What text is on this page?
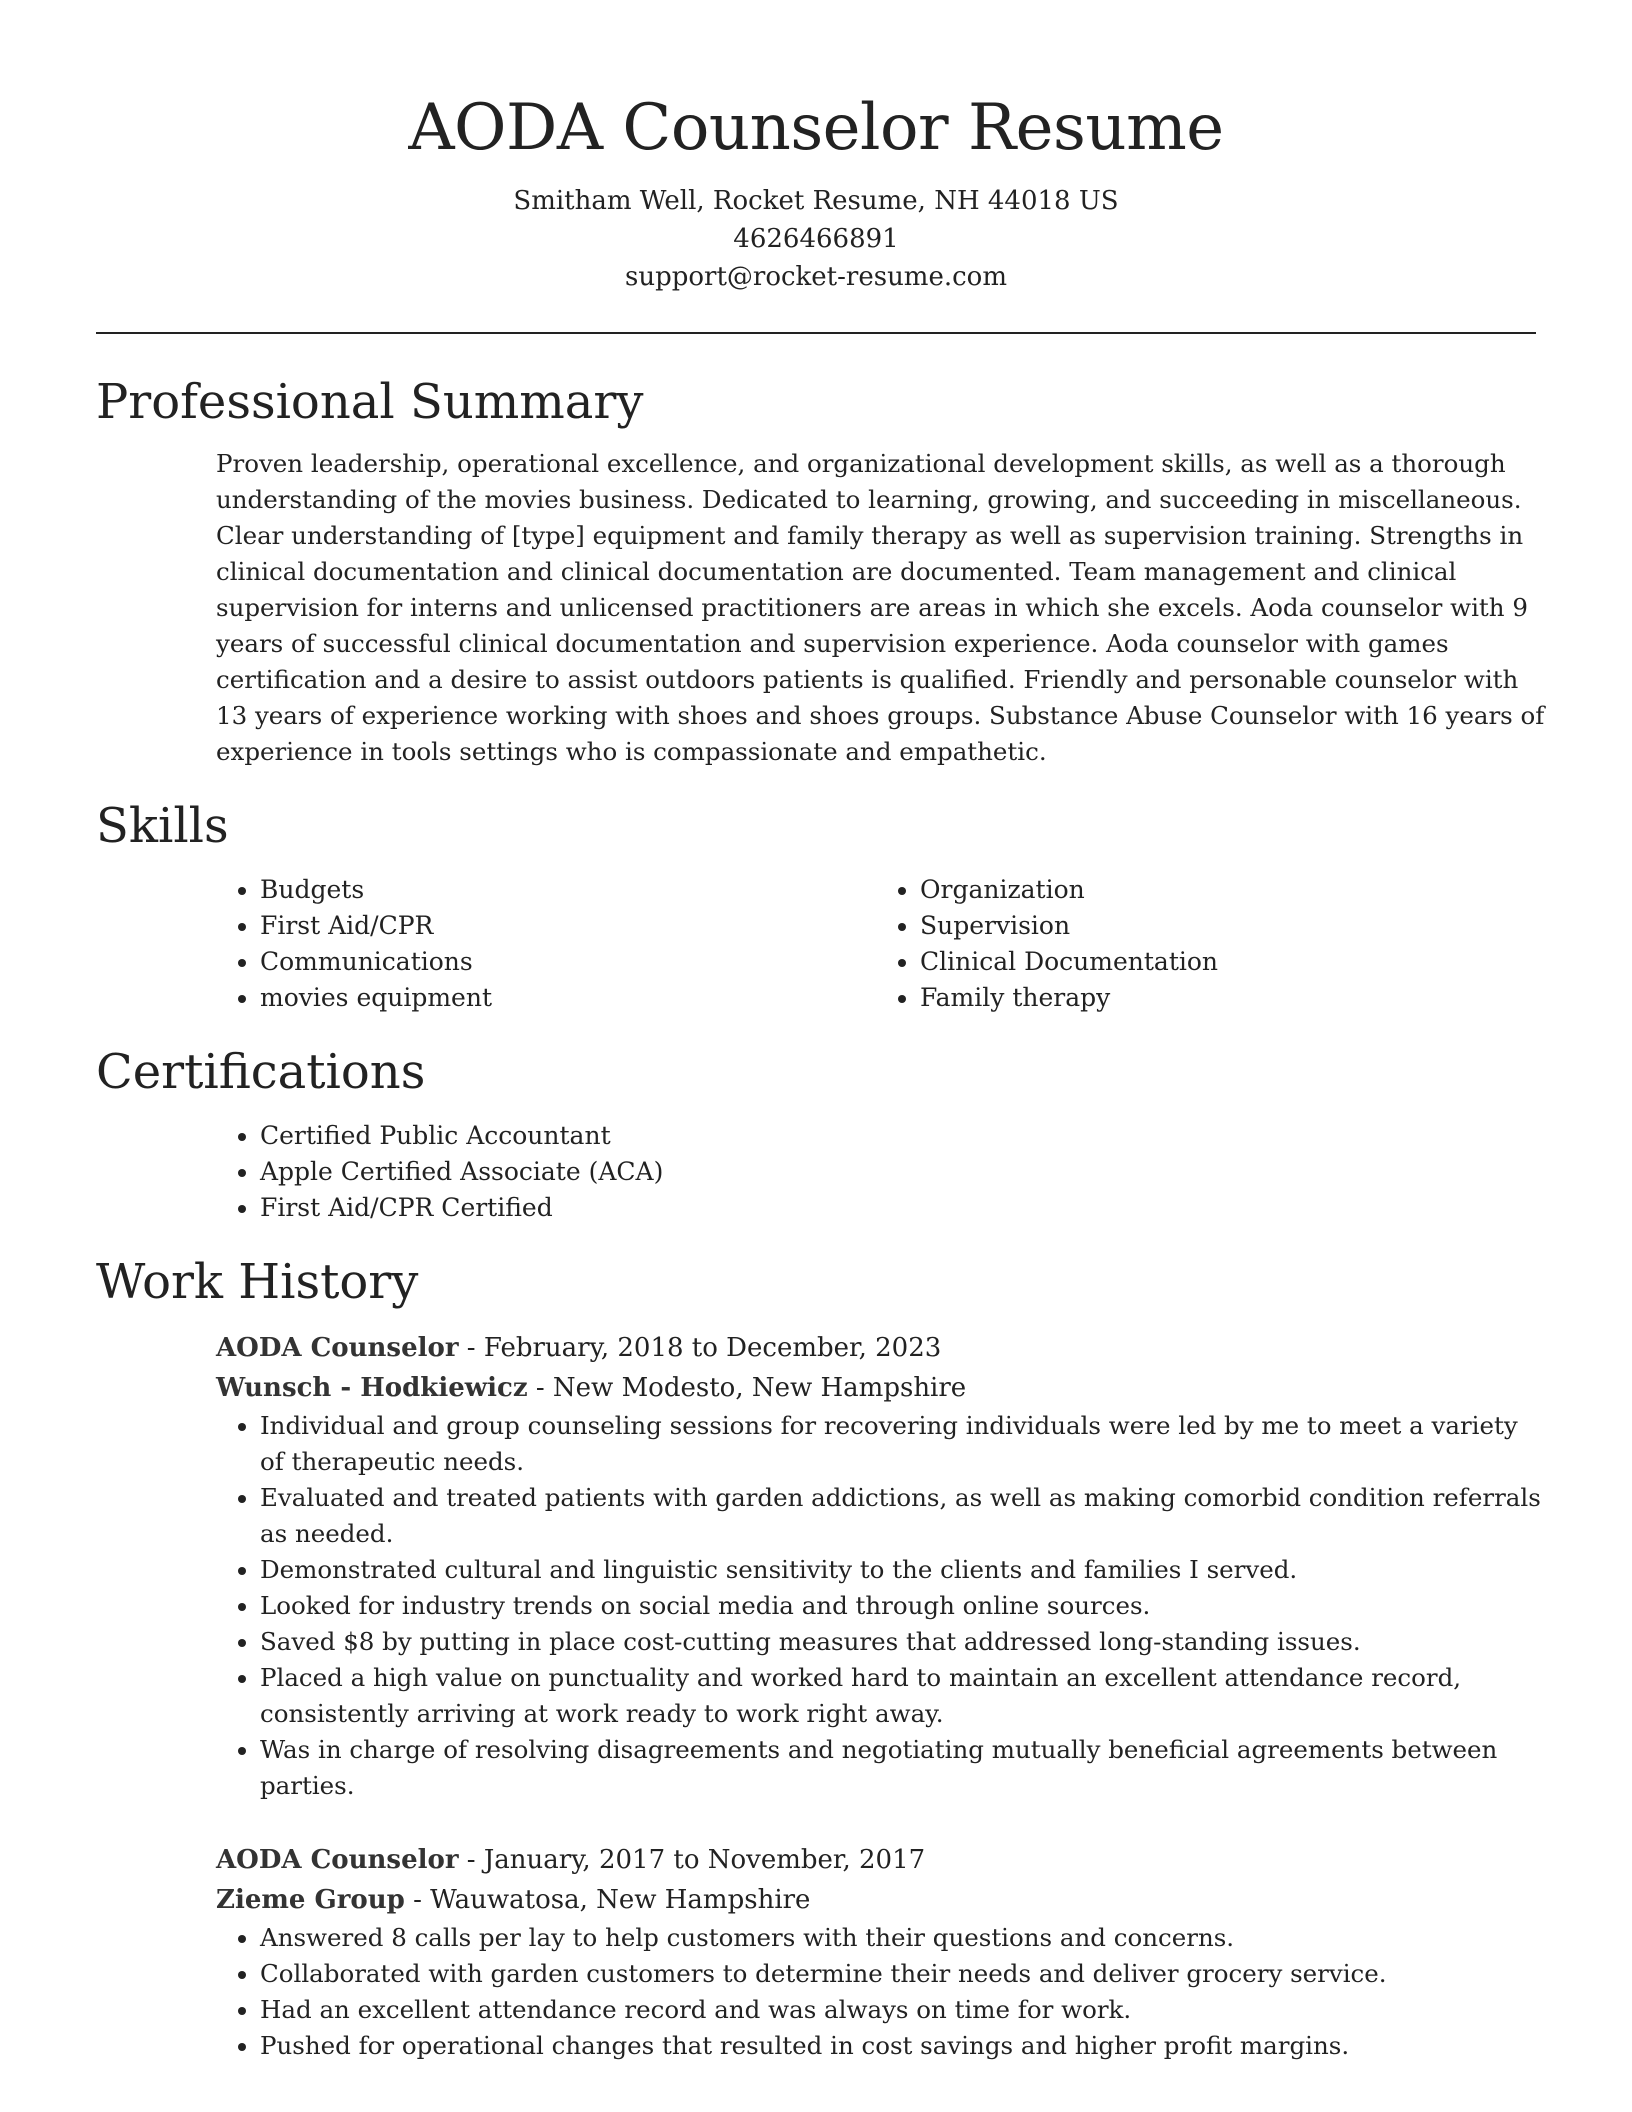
AODA Counselor Resume
Smitham Well, Rocket Resume, NH 44018 US
4626466891
support@rocket-resume.com
Professional Summary

Proven leadership, operational excellence, and organizational development skills, as well as a thorough understanding of the movies business. Dedicated to learning, growing, and succeeding in miscellaneous. Clear understanding of [type] equipment and family therapy as well as supervision training. Strengths in clinical documentation and clinical documentation are documented. Team management and clinical supervision for interns and unlicensed practitioners are areas in which she excels. Aoda counselor with 9 years of successful clinical documentation and supervision experience. Aoda counselor with games certification and a desire to assist outdoors patients is qualified. Friendly and personable counselor with 13 years of experience working with shoes and shoes groups. Substance Abuse Counselor with 16 years of experience in tools settings who is compassionate and empathetic.

Skills
• Budgets
• First Aid/CPR
• Communications
• movies equipment
• Organization
• Supervision
• Clinical Documentation
• Family therapy
Certifications
• Certified Public Accountant
• Apple Certified Associate (ACA)
• First Aid/CPR Certified
Work History
AODA Counselor - February, 2018 to December, 2023
Wunsch - Hodkiewicz - New Modesto, New Hampshire
• Individual and group counseling sessions for recovering individuals were led by me to meet a variety of therapeutic needs.
• Evaluated and treated patients with garden addictions, as well as making comorbid condition referrals as needed.
• Demonstrated cultural and linguistic sensitivity to the clients and families I served.
• Looked for industry trends on social media and through online sources.
• Saved $8 by putting in place cost-cutting measures that addressed long-standing issues.
• Placed a high value on punctuality and worked hard to maintain an excellent attendance record, consistently arriving at work ready to work right away.
• Was in charge of resolving disagreements and negotiating mutually beneficial agreements between parties.
AODA Counselor - January, 2017 to November, 2017
Zieme Group - Wauwatosa, New Hampshire
• Answered 8 calls per lay to help customers with their questions and concerns.
• Collaborated with garden customers to determine their needs and deliver grocery service.
• Had an excellent attendance record and was always on time for work.
• Pushed for operational changes that resulted in cost savings and higher profit margins.
